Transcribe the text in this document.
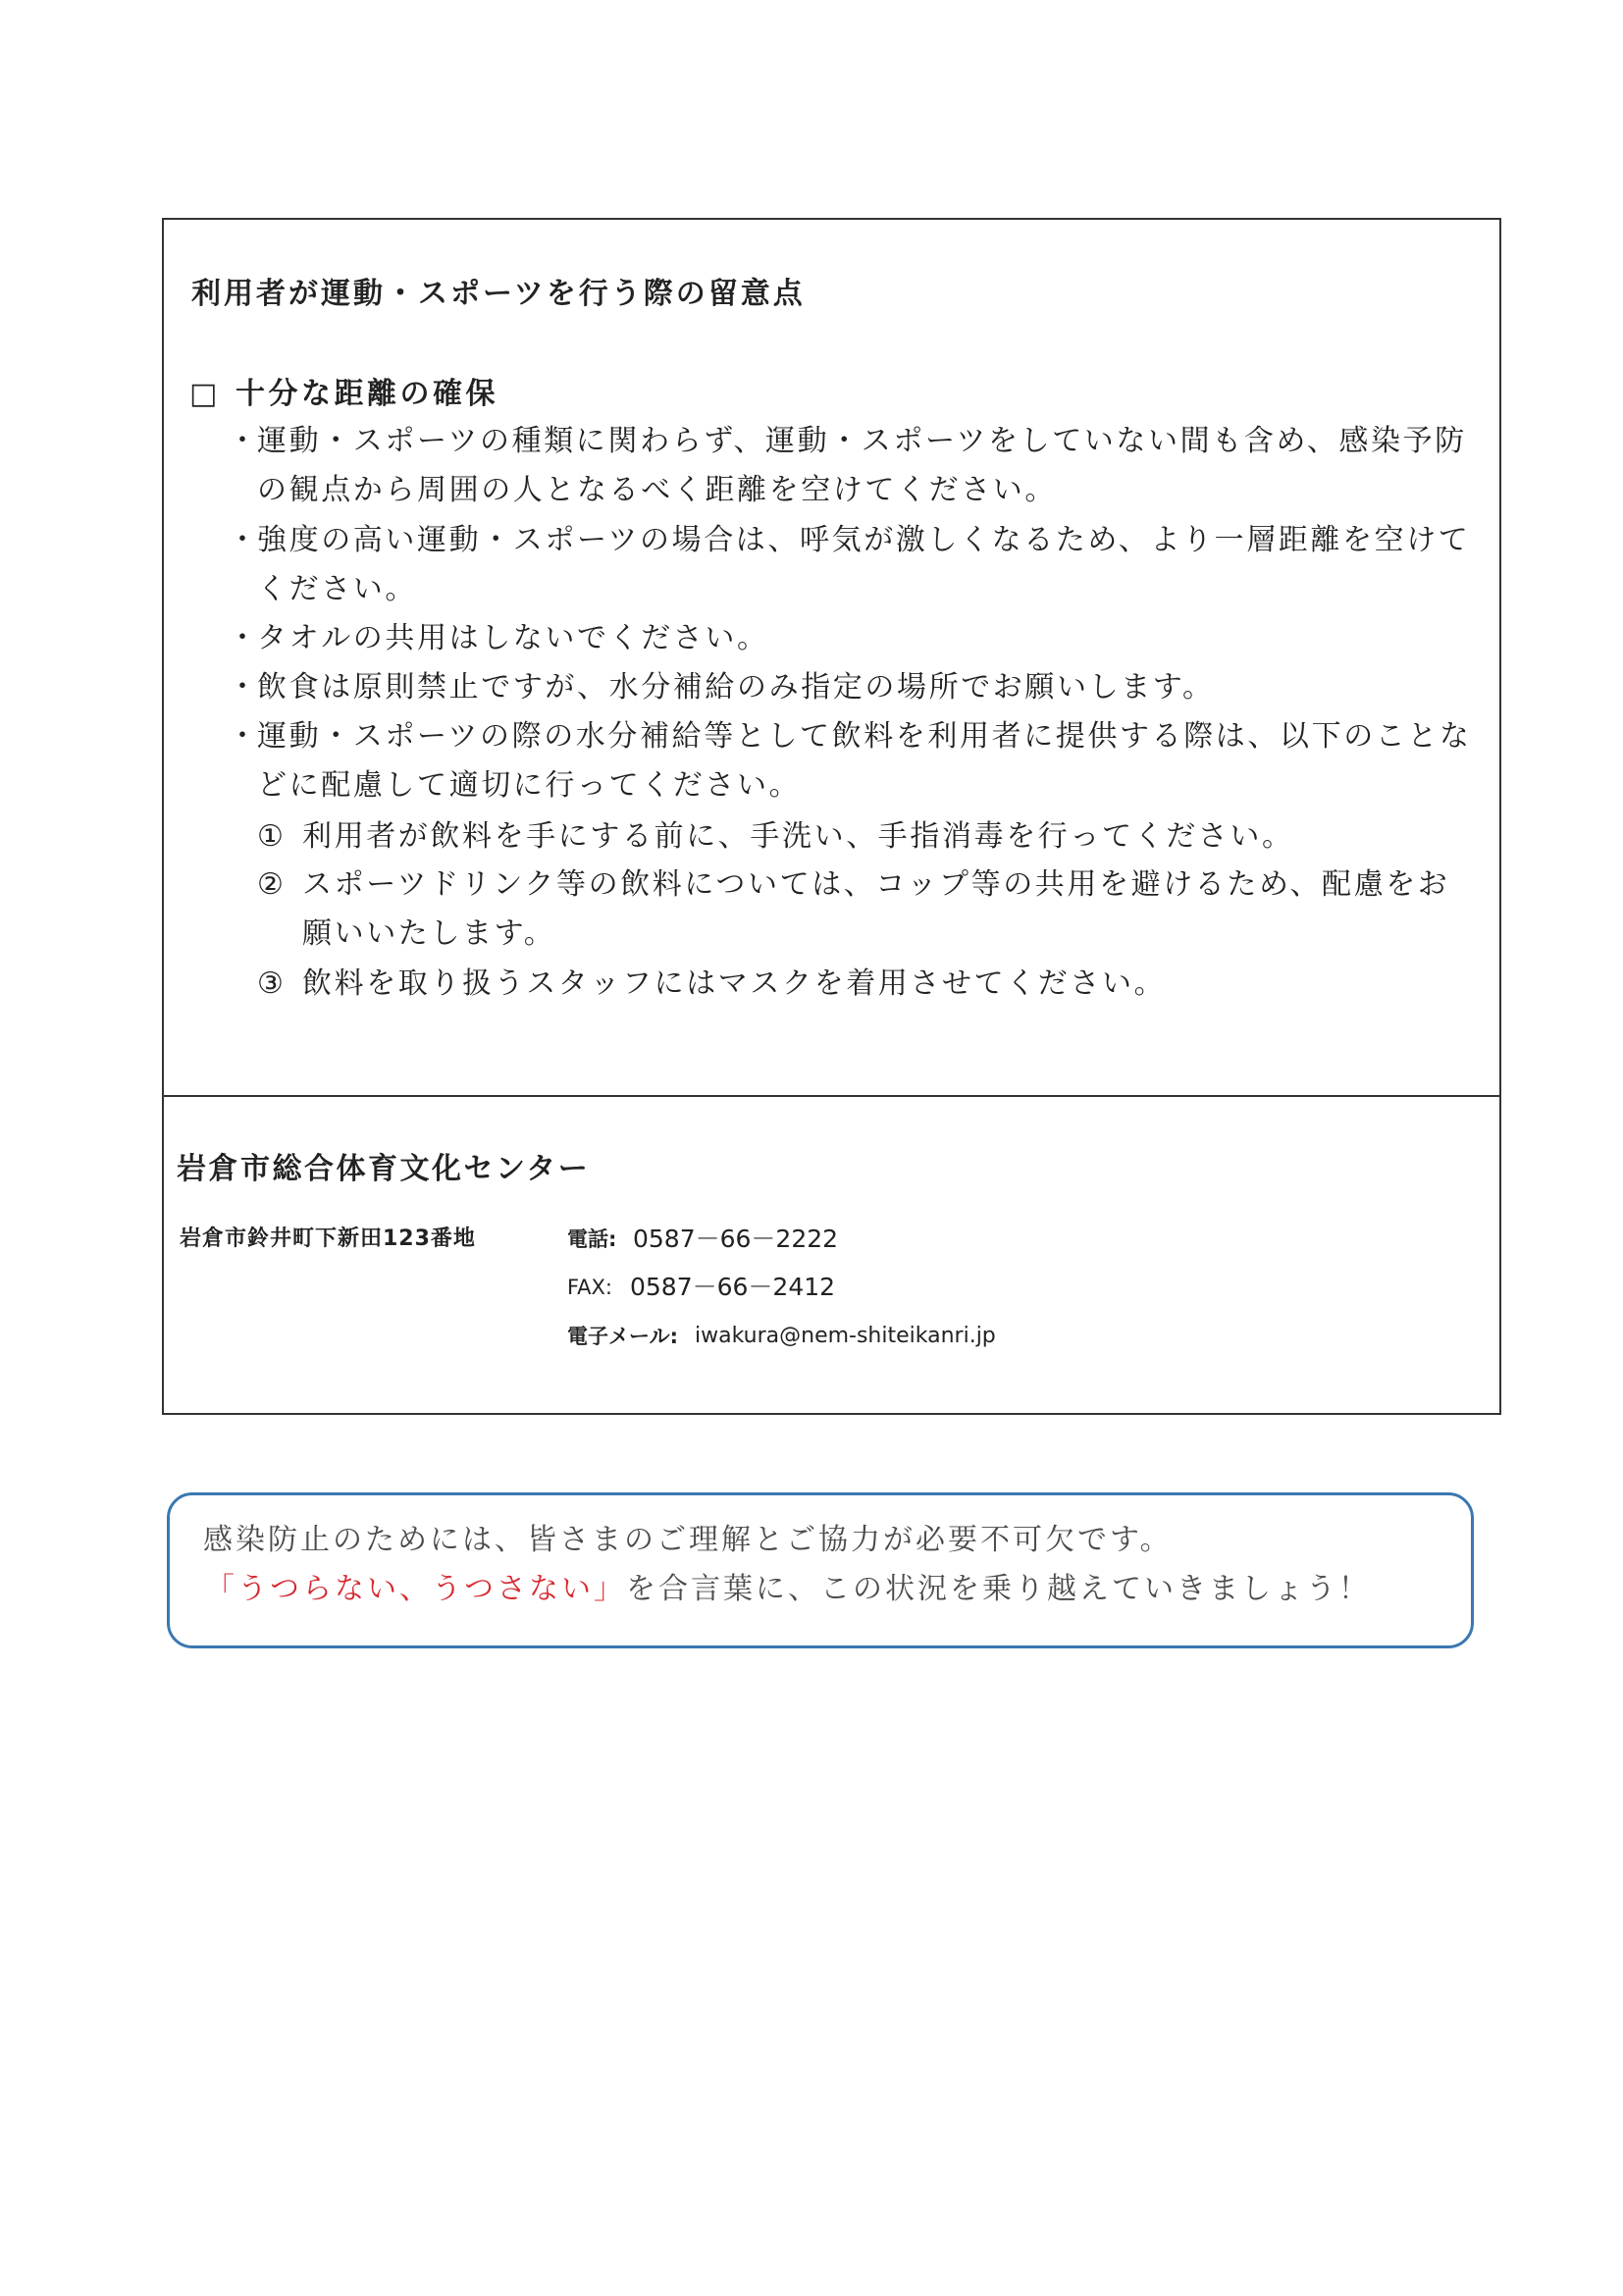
利用者が運動・スポーツを行う際の留意点
□ 十分な距離の確保
・運動・スポーツの種類に関わらず、運動・スポーツをしていない間も含め、感染予防
の観点から周囲の人となるべく距離を空けてください。
・強度の高い運動・スポーツの場合は、呼気が激しくなるため、より一層距離を空けて
ください。
・タオルの共用はしないでください。
・飲食は原則禁止ですが、水分補給のみ指定の場所でお願いします。
・運動・スポーツの際の水分補給等として飲料を利用者に提供する際は、以下のことな
どに配慮して適切に行ってください。
① 利用者が飲料を手にする前に、手洗い、手指消毒を行ってください。
② スポーツドリンク等の飲料については、コップ等の共用を避けるため、配慮をお
願いいたします。
③ 飲料を取り扱うスタッフにはマスクを着用させてください。
岩倉市総合体育文化センター
岩倉市鈴井町下新田123番地	電話: 0587－66－2222
FAX: 0587－66－2412
電子メール: iwakura@nem-shiteikanri.jp
感染防止のためには、皆さまのご理解とご協力が必要不可欠です。
「うつらない、うつさない」を合言葉に、この状況を乗り越えていきましょう！
